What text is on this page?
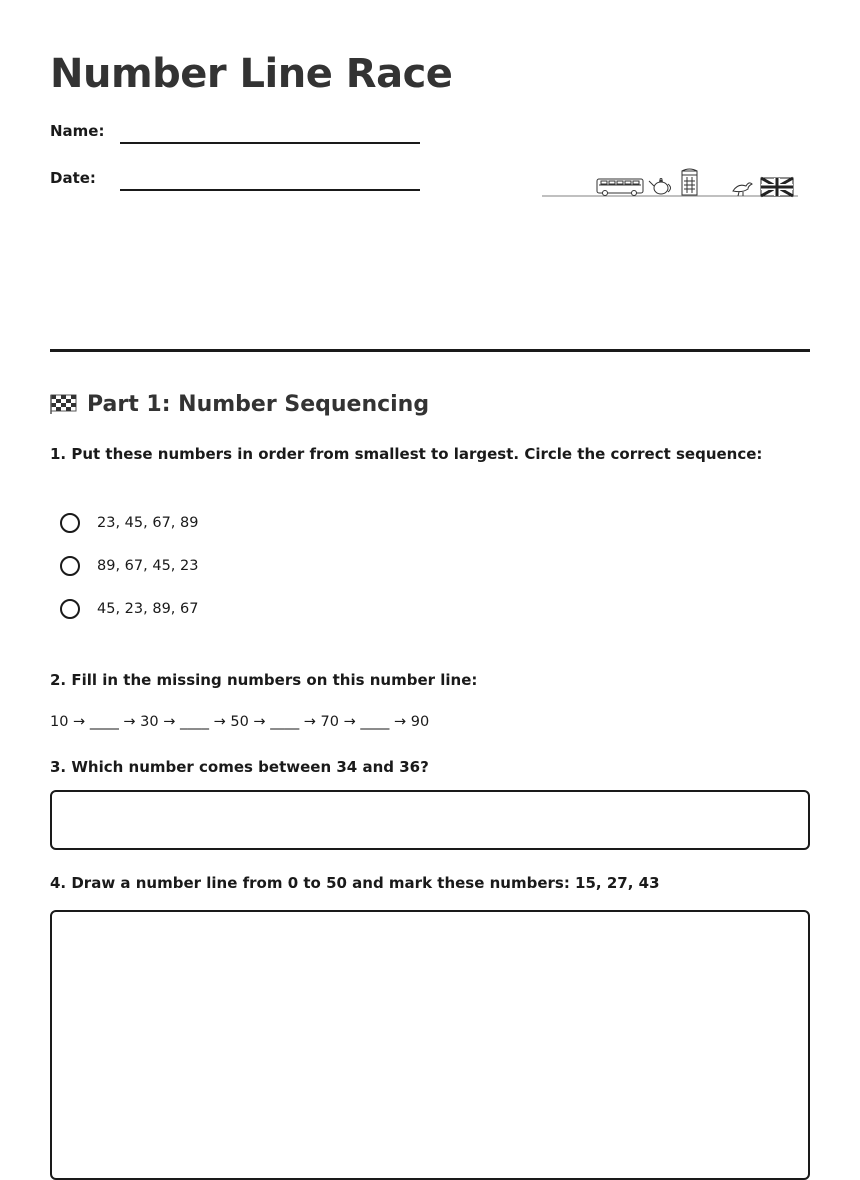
Number Line Race
Name:
Date:
Part 1: Number Sequencing

1. Put these numbers in order from smallest to largest. Circle the correct sequence:

23, 45, 67, 89
89, 67, 45, 23
45, 23, 89, 67

2. Fill in the missing numbers on this number line:

10 → ____ → 30 → ____ → 50 → ____ → 70 → ____ → 90

3. Which number comes between 34 and 36?

4. Draw a number line from 0 to 50 and mark these numbers: 15, 27, 43
